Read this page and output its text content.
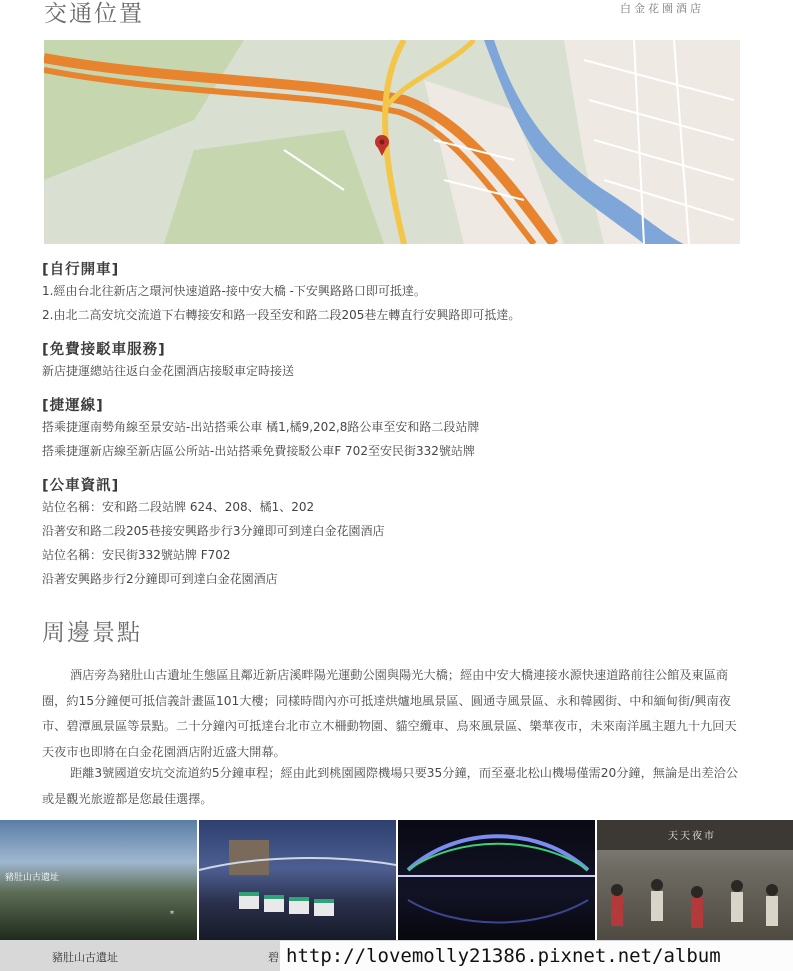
交通位置	白金花園酒店
[自行開車]
1.經由台北往新店之環河快速道路-接中安大橋 -下安興路路口即可抵達。
2.由北二高安坑交流道下右轉接安和路一段至安和路二段205巷左轉直行安興路即可抵達。
[免費接駁車服務]
新店捷運總站往返白金花園酒店接駁車定時接送
[捷運線]
搭乘捷運南勢角線至景安站-出站搭乘公車 橘1,橘9,202,8路公車至安和路二段站牌
搭乘捷運新店線至新店區公所站-出站搭乘免費接駁公車F 702至安民街332號站牌
[公車資訊]
站位名稱：安和路二段站牌 624、208、橘1、202
沿著安和路二段205巷接安興路步行3分鐘即可到達白金花園酒店
站位名稱：安民街332號站牌 F702
沿著安興路步行2分鐘即可到達白金花園酒店
周邊景點
酒店旁為豬肚山古遺址生態區且鄰近新店溪畔陽光運動公園與陽光大橋；經由中安大橋連接水源快速道路前往公館及東區商圈，約15分鐘便可抵信義計畫區101大樓；同樣時間內亦可抵達烘爐地風景區、圓通寺風景區、永和韓國街、中和緬甸街/興南夜市、碧潭風景區等景點。二十分鐘內可抵達台北市立木柵動物園、貓空纜車、烏來風景區、樂華夜市，未來南洋風主題九十九回天天夜市也即將在白金花園酒店附近盛大開幕。
距離3號國道安坑交流道約5分鐘車程；經由此到桃園國際機場只要35分鐘，而至臺北松山機場僅需20分鐘，無論是出差洽公或是觀光旅遊都是您最佳選擇。
豬肚山古遺址
✲
天天夜市
豬肚山古遺址	碧 http://lovemolly21386.pixnet.net/album
